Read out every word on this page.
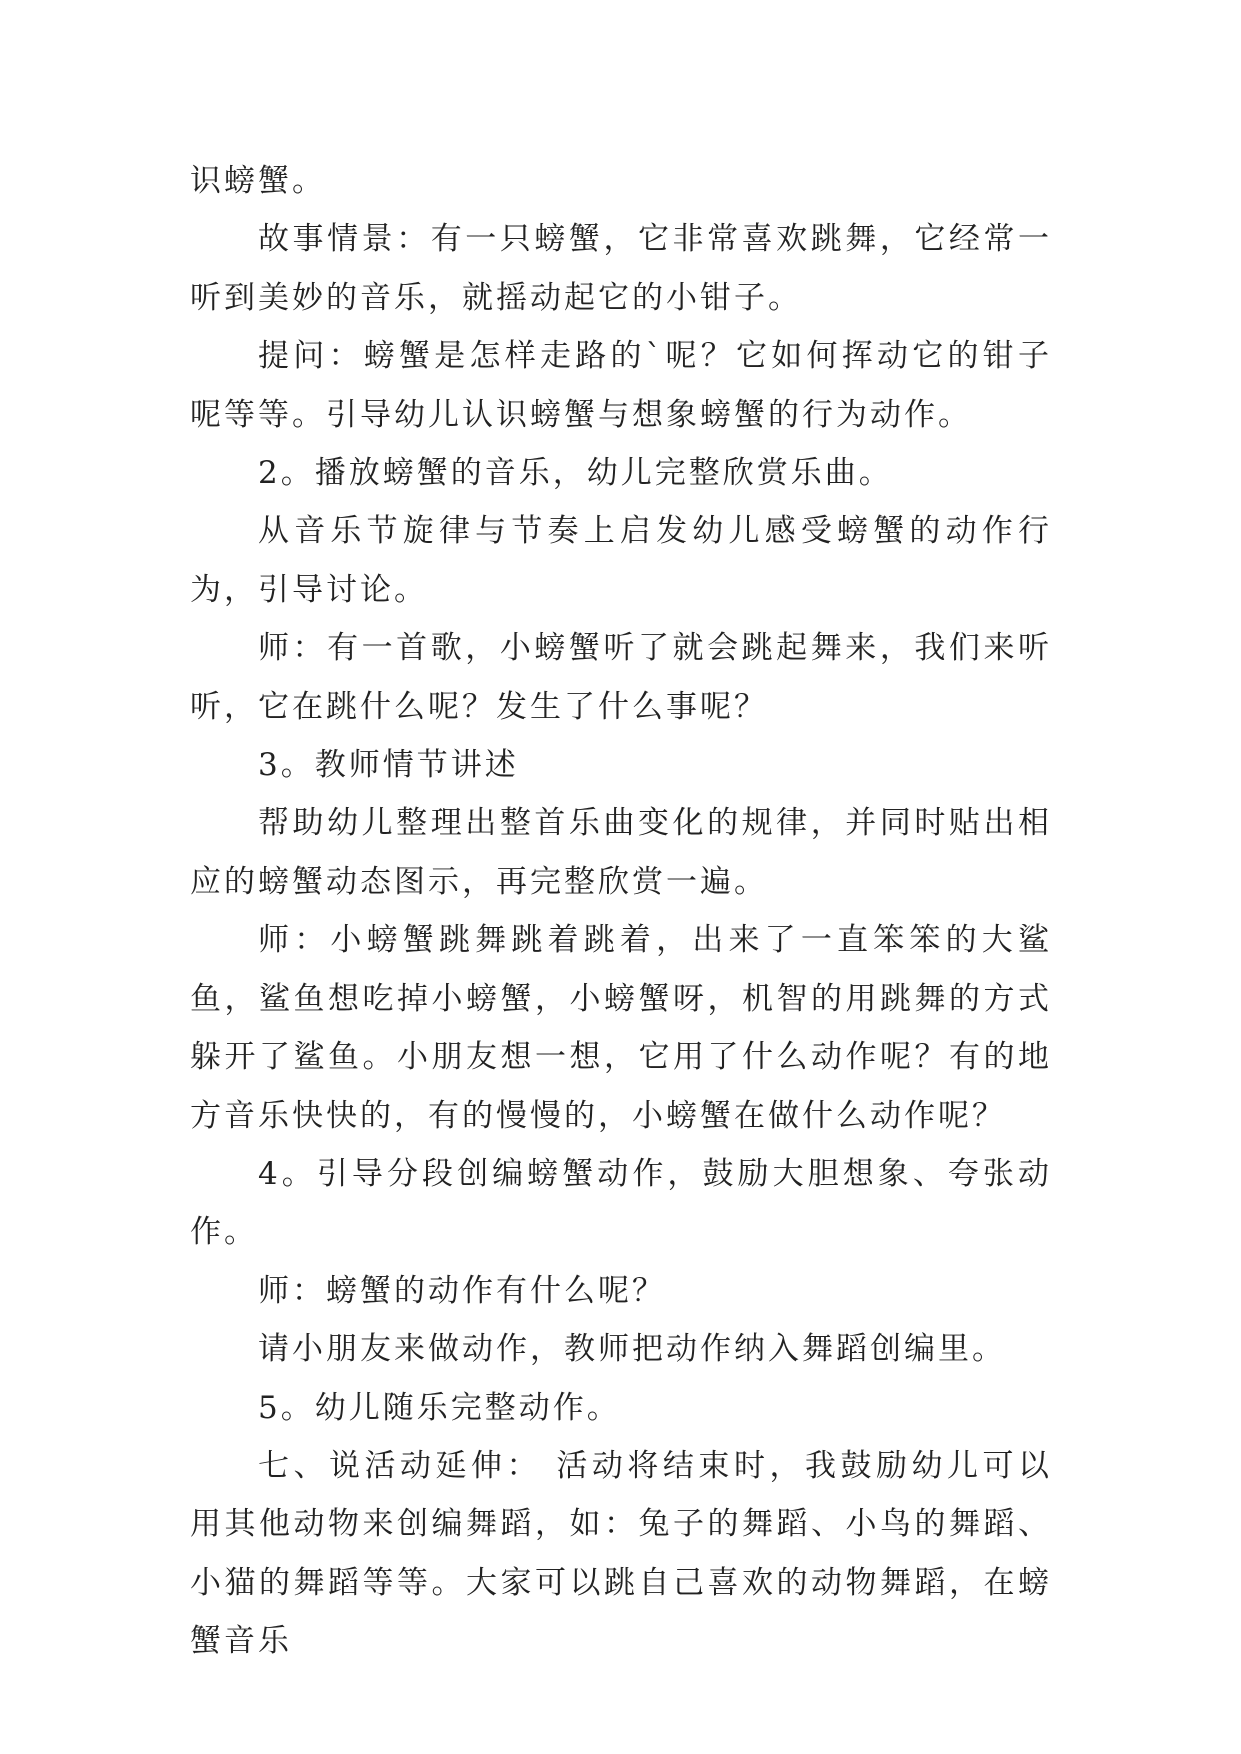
识螃蟹。

故事情景：有一只螃蟹，它非常喜欢跳舞，它经常一听到美妙的音乐，就摇动起它的小钳子。

提问：螃蟹是怎样走路的`呢？它如何挥动它的钳子呢等等。引导幼儿认识螃蟹与想象螃蟹的行为动作。

2。播放螃蟹的音乐，幼儿完整欣赏乐曲。

从音乐节旋律与节奏上启发幼儿感受螃蟹的动作行为，引导讨论。

师：有一首歌，小螃蟹听了就会跳起舞来，我们来听听，它在跳什么呢？发生了什么事呢？

3。教师情节讲述

帮助幼儿整理出整首乐曲变化的规律，并同时贴出相应的螃蟹动态图示，再完整欣赏一遍。

师：小螃蟹跳舞跳着跳着，出来了一直笨笨的大鲨鱼，鲨鱼想吃掉小螃蟹，小螃蟹呀，机智的用跳舞的方式躲开了鲨鱼。小朋友想一想，它用了什么动作呢？有的地方音乐快快的，有的慢慢的，小螃蟹在做什么动作呢？

4。引导分段创编螃蟹动作，鼓励大胆想象、夸张动作。

师：螃蟹的动作有什么呢？

请小朋友来做动作，教师把动作纳入舞蹈创编里。

5。幼儿随乐完整动作。

七、说活动延伸： 活动将结束时，我鼓励幼儿可以用其他动物来创编舞蹈，如：兔子的舞蹈、小鸟的舞蹈、小猫的舞蹈等等。大家可以跳自己喜欢的动物舞蹈，在螃蟹音乐
